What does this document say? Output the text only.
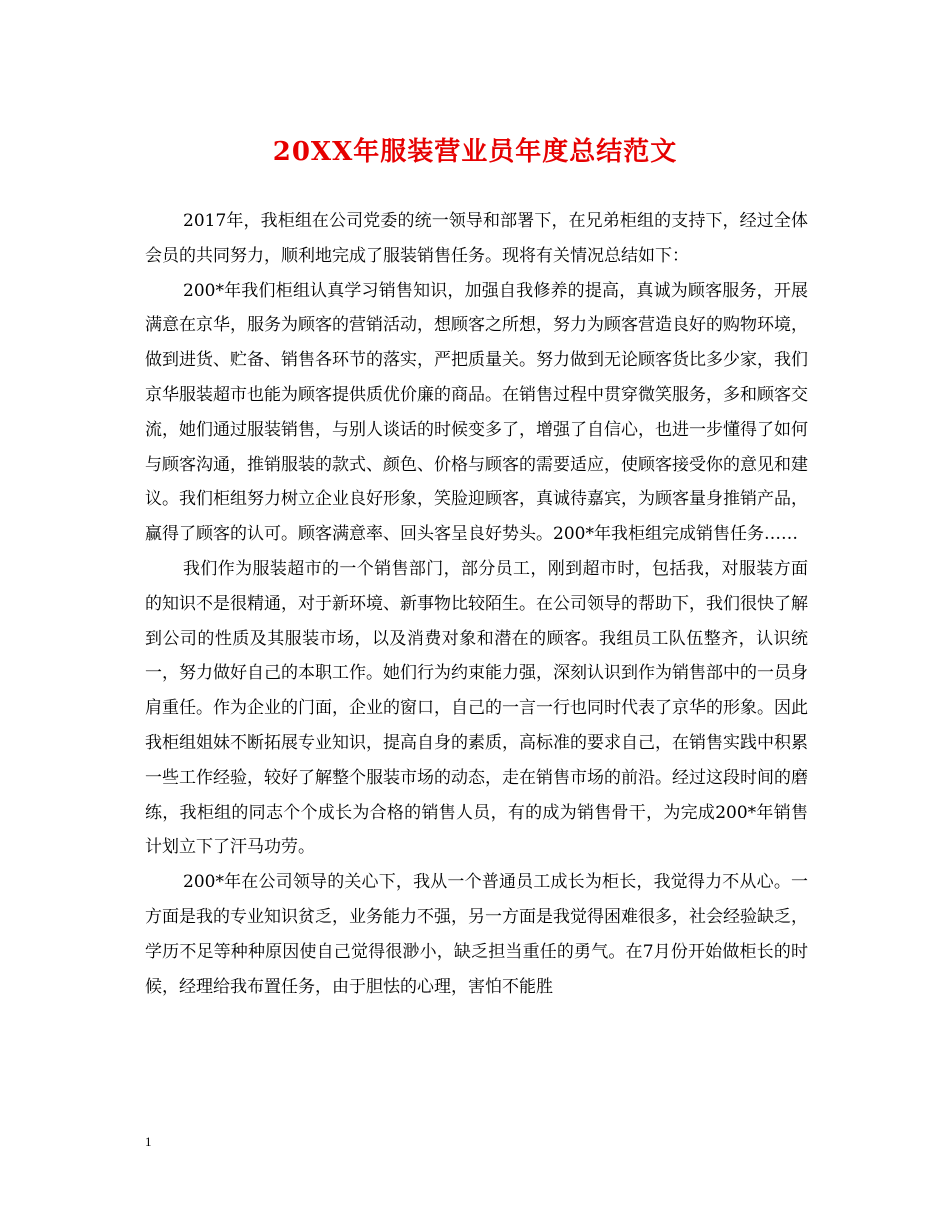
20XX年服装营业员年度总结范文

2017年，我柜组在公司党委的统一领导和部署下，在兄弟柜组的支持下，经过全体会员的共同努力，顺利地完成了服装销售任务。现将有关情况总结如下：

200*年我们柜组认真学习销售知识，加强自我修养的提高，真诚为顾客服务，开展满意在京华，服务为顾客的营销活动，想顾客之所想，努力为顾客营造良好的购物环境，做到进货、贮备、销售各环节的落实，严把质量关。努力做到无论顾客货比多少家，我们京华服装超市也能为顾客提供质优价廉的商品。在销售过程中贯穿微笑服务，多和顾客交流，她们通过服装销售，与别人谈话的时候变多了，增强了自信心，也进一步懂得了如何与顾客沟通，推销服装的款式、颜色、价格与顾客的需要适应，使顾客接受你的意见和建议。我们柜组努力树立企业良好形象，笑脸迎顾客，真诚待嘉宾，为顾客量身推销产品，赢得了顾客的认可。顾客满意率、回头客呈良好势头。200*年我柜组完成销售任务……

我们作为服装超市的一个销售部门，部分员工，刚到超市时，包括我，对服装方面的知识不是很精通，对于新环境、新事物比较陌生。在公司领导的帮助下，我们很快了解到公司的性质及其服装市场，以及消费对象和潜在的顾客。我组员工队伍整齐，认识统一，努力做好自己的本职工作。她们行为约束能力强，深刻认识到作为销售部中的一员身肩重任。作为企业的门面，企业的窗口，自己的一言一行也同时代表了京华的形象。因此我柜组姐妹不断拓展专业知识，提高自身的素质，高标准的要求自己，在销售实践中积累一些工作经验，较好了解整个服装市场的动态，走在销售市场的前沿。经过这段时间的磨练，我柜组的同志个个成长为合格的销售人员，有的成为销售骨干，为完成200*年销售计划立下了汗马功劳。

200*年在公司领导的关心下，我从一个普通员工成长为柜长，我觉得力不从心。一方面是我的专业知识贫乏，业务能力不强，另一方面是我觉得困难很多，社会经验缺乏，学历不足等种种原因使自己觉得很渺小，缺乏担当重任的勇气。在7月份开始做柜长的时候，经理给我布置任务，由于胆怯的心理，害怕不能胜

1
